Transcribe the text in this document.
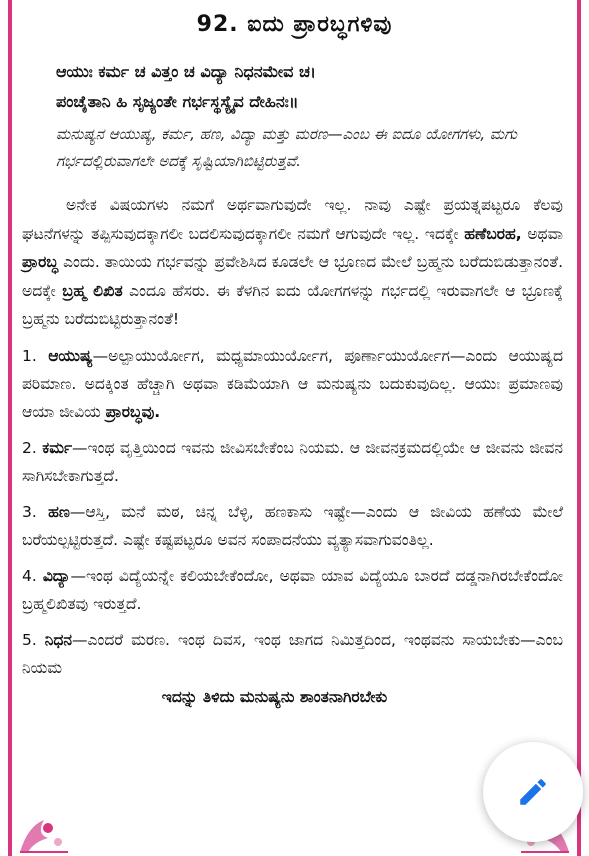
92. ಐದು ಪ್ರಾರಬ್ಧಗಳಿವು
ಆಯುಃ ಕರ್ಮ ಚ ವಿತ್ತಂ ಚ ವಿದ್ಯಾ ನಿಧನಮೇವ ಚ।
ಪಂಚೈತಾನಿ ಹಿ ಸೃಜ್ಯಂತೇ ಗರ್ಭಸ್ಥಸ್ಯೈವ ದೇಹಿನಃ॥
ಮನುಷ್ಯನ ಆಯುಷ್ಯ, ಕರ್ಮ, ಹಣ, ವಿದ್ಯಾ ಮತ್ತು ಮರಣ—ಎಂಬ ಈ ಐದೂ ಯೋಗಗಳು, ಮಗು ಗರ್ಭದಲ್ಲಿರುವಾಗಲೇ ಅದಕ್ಕೆ ಸೃಷ್ಟಿಯಾಗಿಬಿಟ್ಟಿರುತ್ತವೆ.
ಅನೇಕ ವಿಷಯಗಳು ನಮಗೆ ಅರ್ಥವಾಗುವುದೇ ಇಲ್ಲ. ನಾವು ಎಷ್ಟೇ ಪ್ರಯತ್ನಪಟ್ಟರೂ ಕೆಲವು ಘಟನೆಗಳನ್ನು ತಪ್ಪಿಸುವುದಕ್ಕಾಗಲೀ ಬದಲಿಸುವುದಕ್ಕಾಗಲೀ ನಮಗೆ ಆಗುವುದೇ ಇಲ್ಲ. ಇದಕ್ಕೇ ಹಣೆಬರಹ, ಅಥವಾ ಪ್ರಾರಬ್ಧ ಎಂದು. ತಾಯಿಯ ಗರ್ಭವನ್ನು ಪ್ರವೇಶಿಸಿದ ಕೂಡಲೇ ಆ ಭ್ರೂಣದ ಮೇಲೆ ಬ್ರಹ್ಮನು ಬರೆದುಬಿಡುತ್ತಾನಂತೆ. ಅದಕ್ಕೇ ಬ್ರಹ್ಮ ಲಿಖಿತ ಎಂದೂ ಹೆಸರು. ಈ ಕೆಳಗಿನ ಐದು ಯೋಗಗಳನ್ನು ಗರ್ಭದಲ್ಲಿ ಇರುವಾಗಲೇ ಆ ಭ್ರೂಣಕ್ಕೆ ಬ್ರಹ್ಮನು ಬರೆದುಬಿಟ್ಟಿರುತ್ತಾನಂತೆ!
1. ಆಯುಷ್ಯ—ಅಲ್ಪಾಯುರ್ಯೋಗ, ಮಧ್ಯಮಾಯುರ್ಯೋಗ, ಪೂರ್ಣಾಯುರ್ಯೋಗ—ಎಂದು ಆಯುಷ್ಯದ ಪರಿಮಾಣ. ಅದಕ್ಕಿಂತ ಹೆಚ್ಚಾಗಿ ಅಥವಾ ಕಡಿಮೆಯಾಗಿ ಆ ಮನುಷ್ಯನು ಬದುಕುವುದಿಲ್ಲ. ಆಯುಃ ಪ್ರಮಾಣವು ಆಯಾ ಜೀವಿಯ ಪ್ರಾರಬ್ಧವು.
2. ಕರ್ಮ—ಇಂಥ ವೃತ್ತಿಯಿಂದ ಇವನು ಜೀವಿಸಬೇಕೆಂಬ ನಿಯಮ. ಆ ಜೀವನಕ್ರಮದಲ್ಲಿಯೇ ಆ ಜೀವನು ಜೀವನ ಸಾಗಿಸಬೇಕಾಗುತ್ತದೆ.
3. ಹಣ—ಆಸ್ತಿ, ಮನೆ ಮಠ, ಚಿನ್ನ ಬೆಳ್ಳಿ, ಹಣಕಾಸು ಇಷ್ಟೇ—ಎಂದು ಆ ಜೀವಿಯ ಹಣೆಯ ಮೇಲೆ ಬರೆಯಲ್ಪಟ್ಟಿರುತ್ತದೆ. ಎಷ್ಟೇ ಕಷ್ಟಪಟ್ಟರೂ ಅವನ ಸಂಪಾದನೆಯು ವ್ಯತ್ಯಾಸವಾಗುವಂತಿಲ್ಲ.
4. ವಿದ್ಯಾ—ಇಂಥ ವಿದ್ಯೆಯನ್ನೇ ಕಲಿಯಬೇಕೆಂದೋ, ಅಥವಾ ಯಾವ ವಿದ್ಯೆಯೂ ಬಾರದೆ ದಡ್ಡನಾಗಿರಬೇಕೆಂದೋ ಬ್ರಹ್ಮಲಿಖಿತವು ಇರುತ್ತದೆ.
5. ನಿಧನ—ಎಂದರೆ ಮರಣ. ಇಂಥ ದಿವಸ, ಇಂಥ ಜಾಗದ ನಿಮಿತ್ತದಿಂದ, ಇಂಥವನು ಸಾಯಬೇಕು—ಎಂಬ ನಿಯಮ
ಇದನ್ನು ತಿಳಿದು ಮನುಷ್ಯನು ಶಾಂತನಾಗಿರಬೇಕು
